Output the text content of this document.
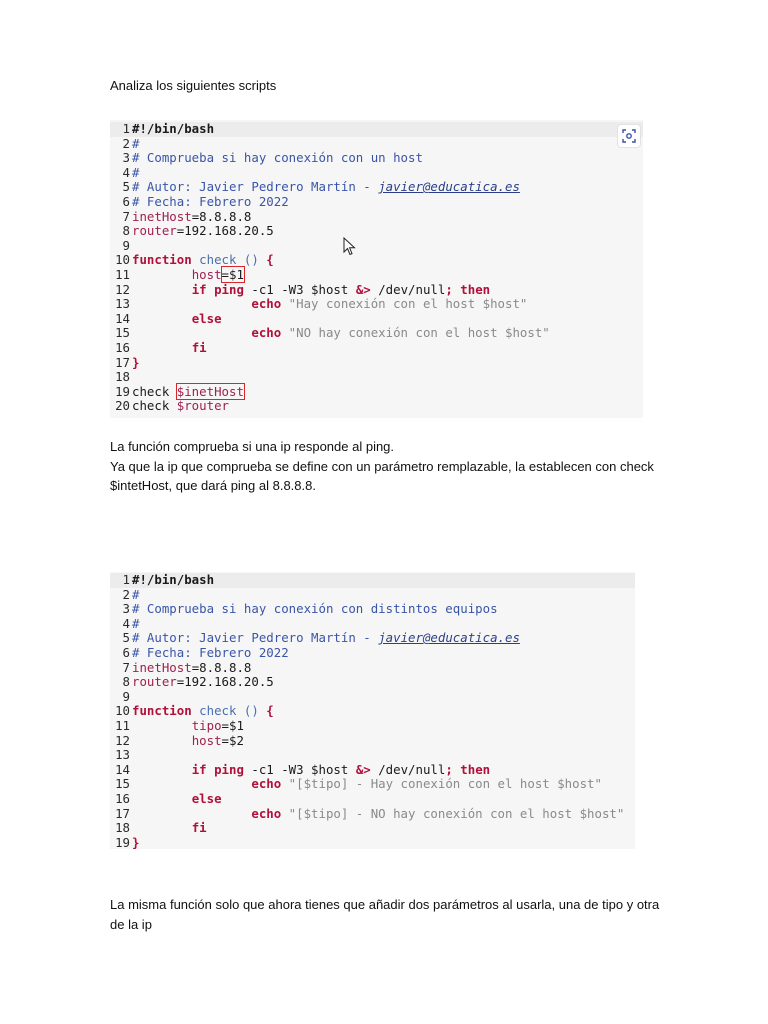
Analiza los siguientes scripts

1 #!/bin/bash
2 #
3 # Comprueba si hay conexión con un host
4 #
5 # Autor: Javier Pedrero Martín - javier@educatica.es
6 # Fecha: Febrero 2022
7 inetHost=8.8.8.8
8 router=192.168.20.5
9
10 function check () {
11	host=$1
12	if ping -c1 -W3 $host &> /dev/null; then
13	echo "Hay conexión con el host $host"
14	else
15	echo "NO hay conexión con el host $host"
16	fi
17 }
18
19 check $inetHost
20 check $router

La función comprueba si una ip responde al ping.

Ya que la ip que comprueba se define con un parámetro remplazable, la establecen con check $intetHost, que dará ping al 8.8.8.8.

1 #!/bin/bash
2 #
3 # Comprueba si hay conexión con distintos equipos
4 #
5 # Autor: Javier Pedrero Martín - javier@educatica.es
6 # Fecha: Febrero 2022
7 inetHost=8.8.8.8
8 router=192.168.20.5
9
10 function check () {
11	tipo=$1
12	host=$2
13
14	if ping -c1 -W3 $host &> /dev/null; then
15	echo "[$tipo] - Hay conexión con el host $host"
16	else
17	echo "[$tipo] - NO hay conexión con el host $host"
18	fi
19 }

La misma función solo que ahora tienes que añadir dos parámetros al usarla, una de tipo y otra de la ip
